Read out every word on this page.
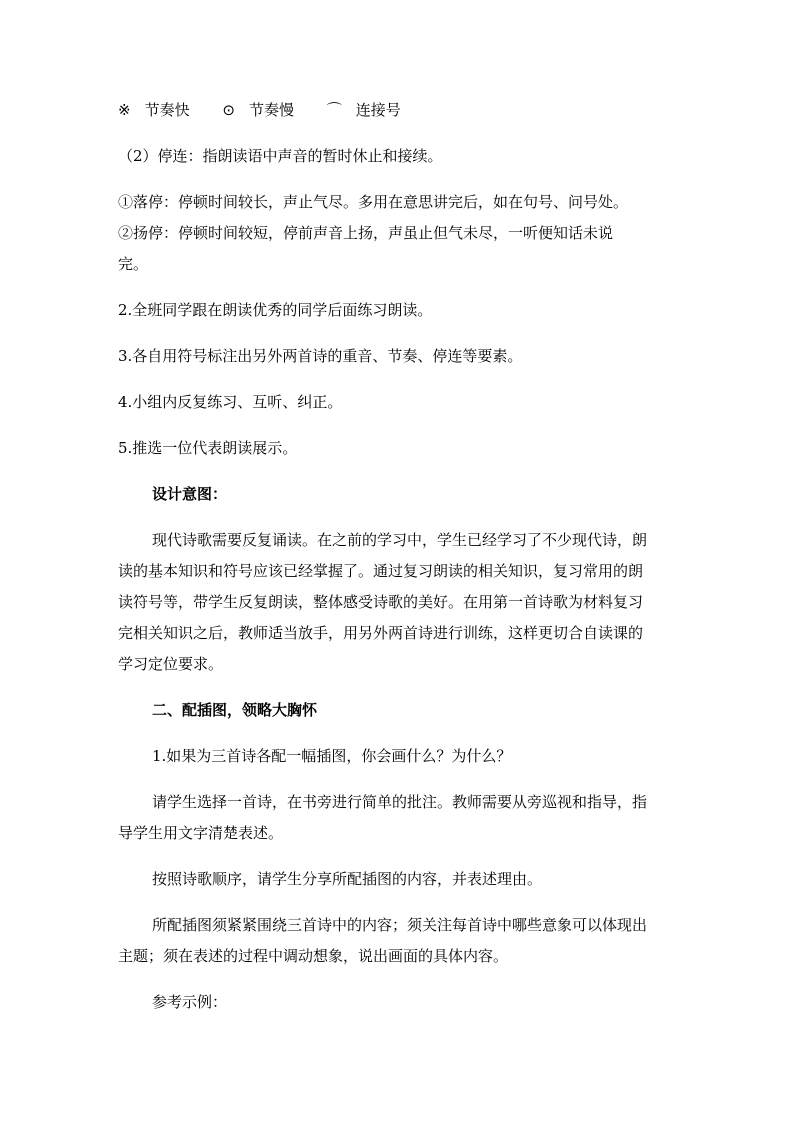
※ 节奏快 ⊙ 节奏慢 ⌒ 连接号
（2）停连：指朗读语中声音的暂时休止和接续。
①落停：停顿时间较长，声止气尽。多用在意思讲完后，如在句号、问号处。
②扬停：停顿时间较短，停前声音上扬，声虽止但气未尽，一听便知话未说
完。
2.全班同学跟在朗读优秀的同学后面练习朗读。
3.各自用符号标注出另外两首诗的重音、节奏、停连等要素。
4.小组内反复练习、互听、纠正。
5.推选一位代表朗读展示。
设计意图：
现代诗歌需要反复诵读。在之前的学习中，学生已经学习了不少现代诗，朗
读的基本知识和符号应该已经掌握了。通过复习朗读的相关知识，复习常用的朗
读符号等，带学生反复朗读，整体感受诗歌的美好。在用第一首诗歌为材料复习
完相关知识之后，教师适当放手，用另外两首诗进行训练，这样更切合自读课的
学习定位要求。
二、配插图，领略大胸怀
1.如果为三首诗各配一幅插图，你会画什么？为什么？
请学生选择一首诗，在书旁进行简单的批注。教师需要从旁巡视和指导，指
导学生用文字清楚表述。
按照诗歌顺序，请学生分享所配插图的内容，并表述理由。
所配插图须紧紧围绕三首诗中的内容；须关注每首诗中哪些意象可以体现出
主题；须在表述的过程中调动想象，说出画面的具体内容。
参考示例：
